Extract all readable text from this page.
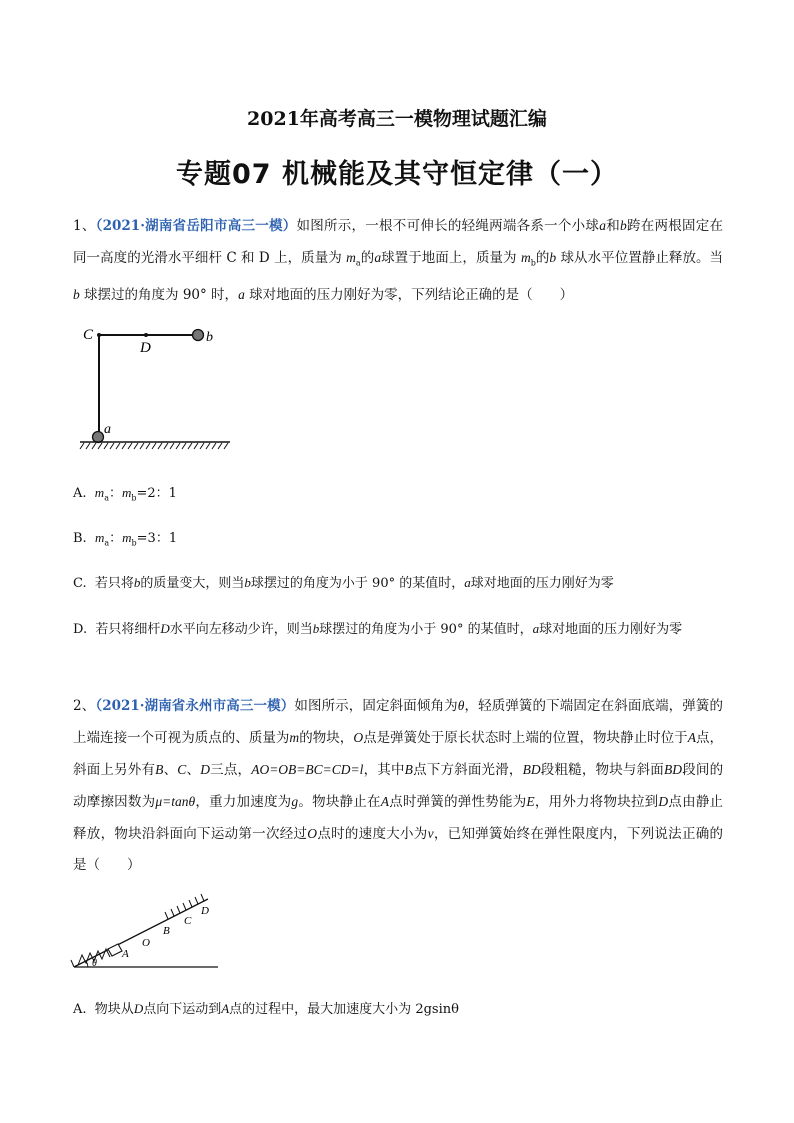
2021年高考高三一模物理试题汇编
专题07 机械能及其守恒定律（一）
1、（2021·湖南省岳阳市高三一模）如图所示，一根不可伸长的轻绳两端各系一个小球a和b跨在两根固定在同一高度的光滑水平细杆 C 和 D 上，质量为 $m_a$的a球置于地面上，质量为 $m_b$的b 球从水平位置静止释放。当b 球摆过的角度为 90° 时，a 球对地面的压力刚好为零，下列结论正确的是（　　）
C
D
b
a
A. $m_a$：$m_b=2$：1
B. $m_a$：$m_b=3$：1
C. 若只将b的质量变大，则当b球摆过的角度为小于 90° 的某值时，a球对地面的压力刚好为零
D. 若只将细杆D水平向左移动少许，则当b球摆过的角度为小于 90° 的某值时，a球对地面的压力刚好为零
2、（2021·湖南省永州市高三一模）如图所示，固定斜面倾角为θ，轻质弹簧的下端固定在斜面底端，弹簧的上端连接一个可视为质点的、质量为m的物块，O点是弹簧处于原长状态时上端的位置，物块静止时位于A点，斜面上另外有B、C、D三点，AO=OB=BC=CD=l，其中B点下方斜面光滑，BD段粗糙，物块与斜面BD段间的动摩擦因数为μ=tanθ，重力加速度为g。物块静止在A点时弹簧的弹性势能为E，用外力将物块拉到D点由静止释放，物块沿斜面向下运动第一次经过O点时的速度大小为v，已知弹簧始终在弹性限度内，下列说法正确的是（　　）
θ
A
O
B
C
D
A. 物块从D点向下运动到A点的过程中，最大加速度大小为 2gsinθ
